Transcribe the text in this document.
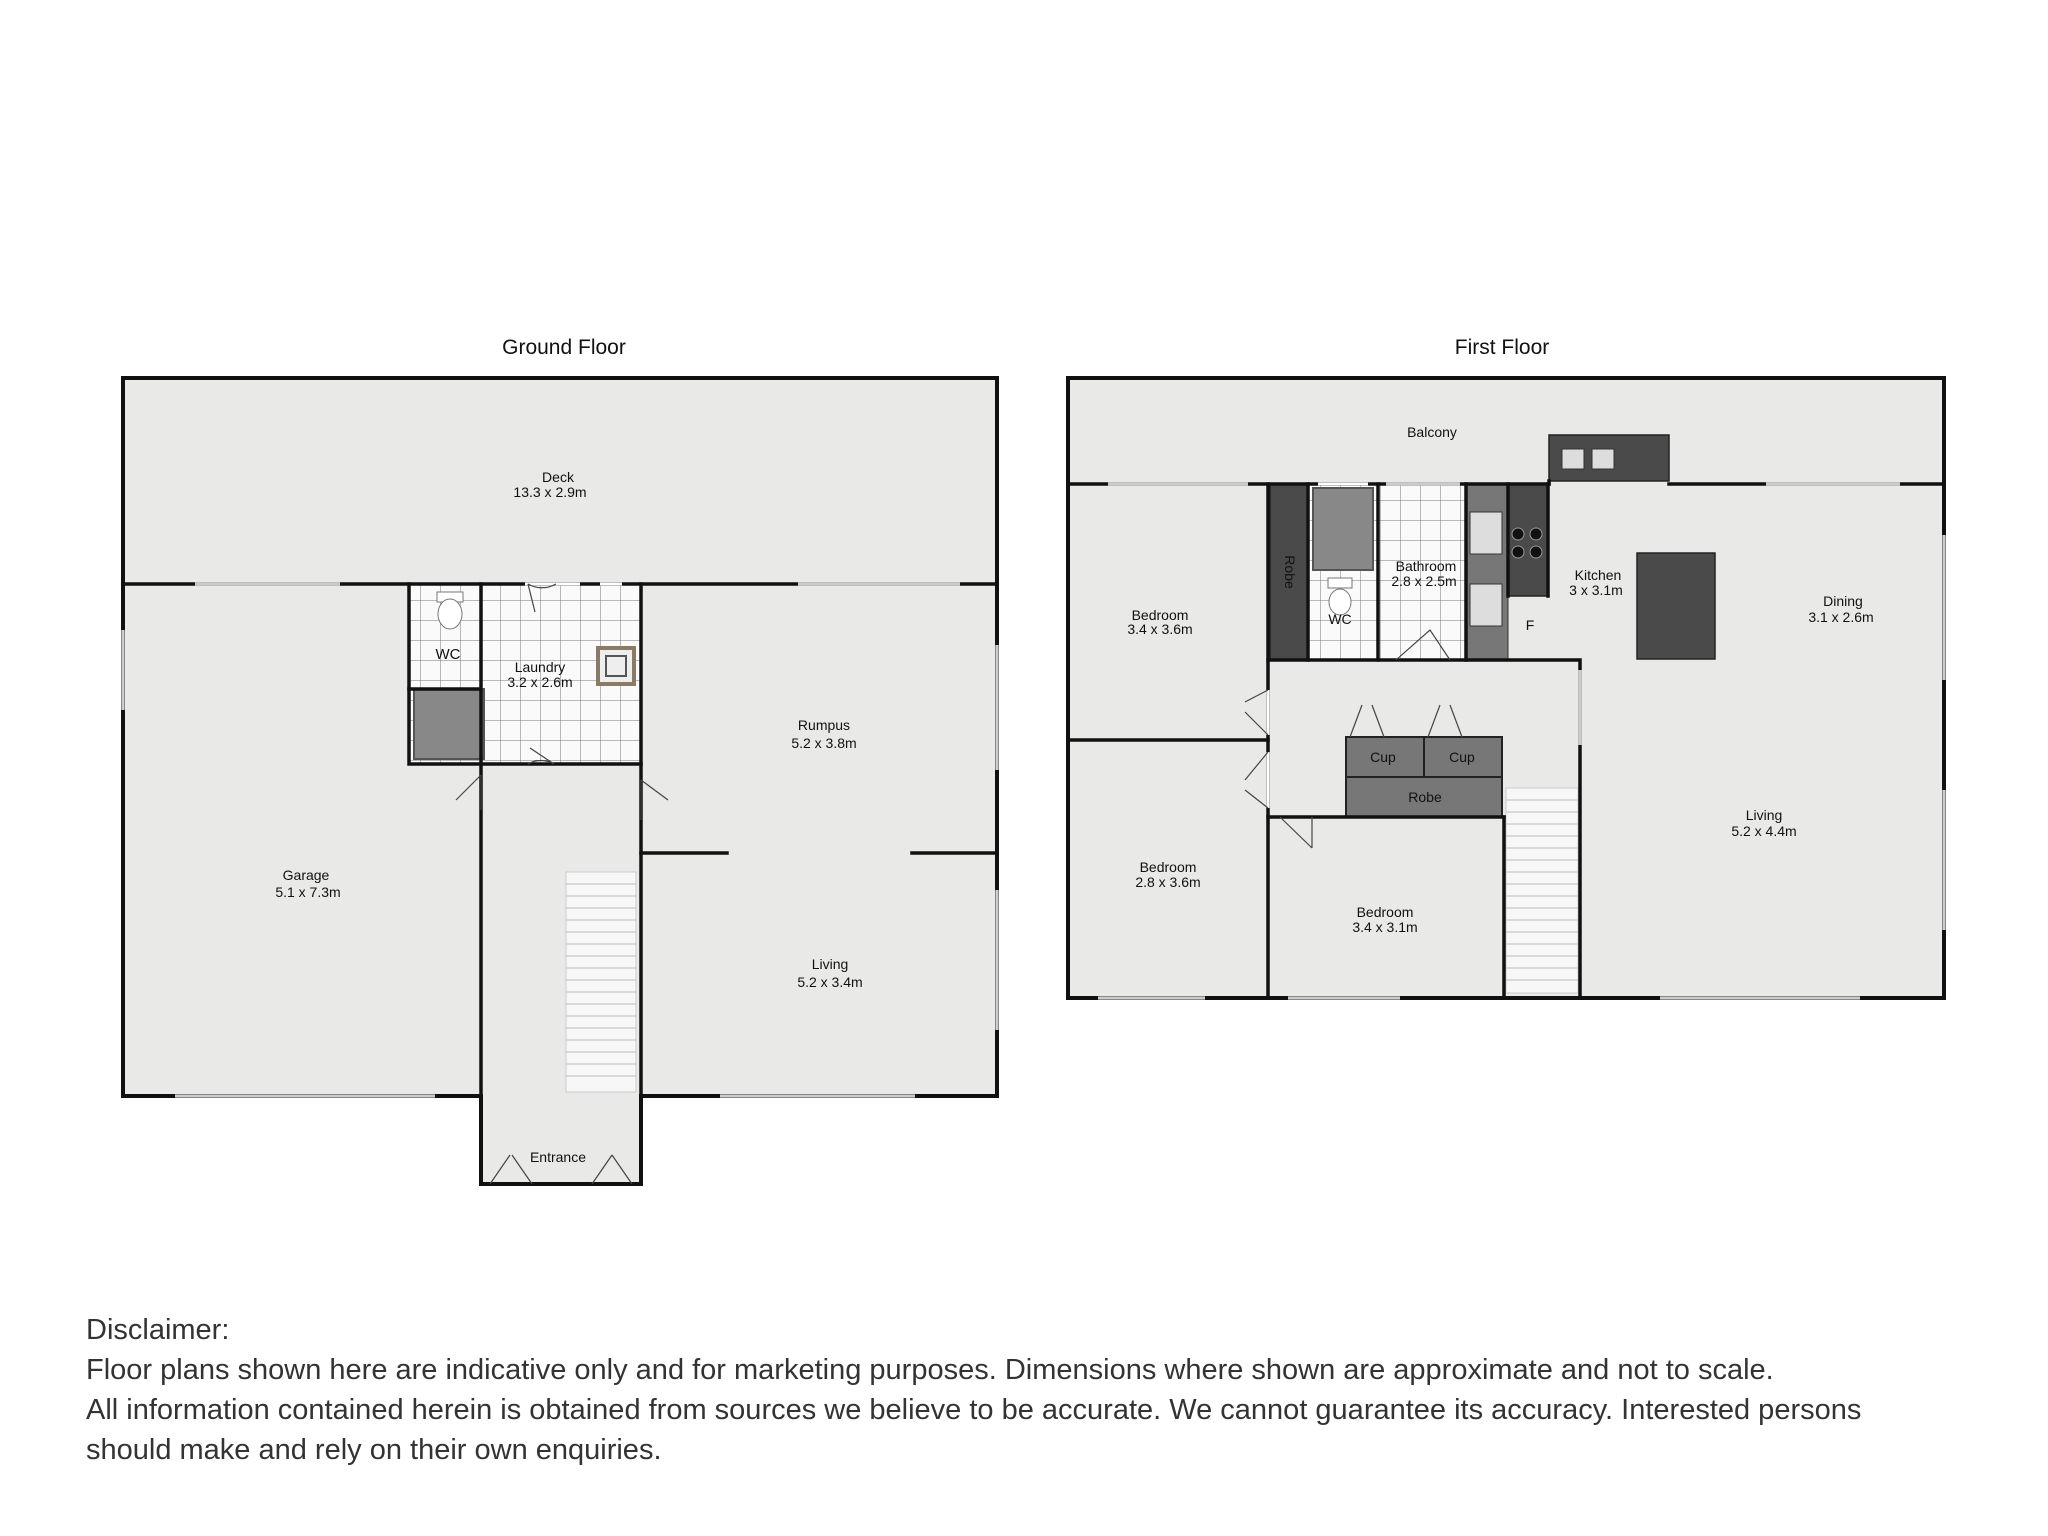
Ground Floor
Deck
13.3 x 2.9m
WC
Laundry
3.2 x 2.6m
Rumpus
5.2 x 3.8m
Garage
5.1 x 7.3m
Living
5.2 x 3.4m
Entrance
First Floor
Balcony
Bedroom
3.4 x 3.6m
Robe
WC
Bathroom
2.8 x 2.5m	Kitchen
3 x 3.1m
F
Dining
3.1 x 2.6m
Cup	Cup
Robe
Bedroom
2.8 x 3.6m
Bedroom
3.4 x 3.1m
Living
5.2 x 4.4m

Disclaimer:

Floor plans shown here are indicative only and for marketing purposes. Dimensions where shown are approximate and not to scale.

All information contained herein is obtained from sources we believe to be accurate. We cannot guarantee its accuracy. Interested persons

should make and rely on their own enquiries.
